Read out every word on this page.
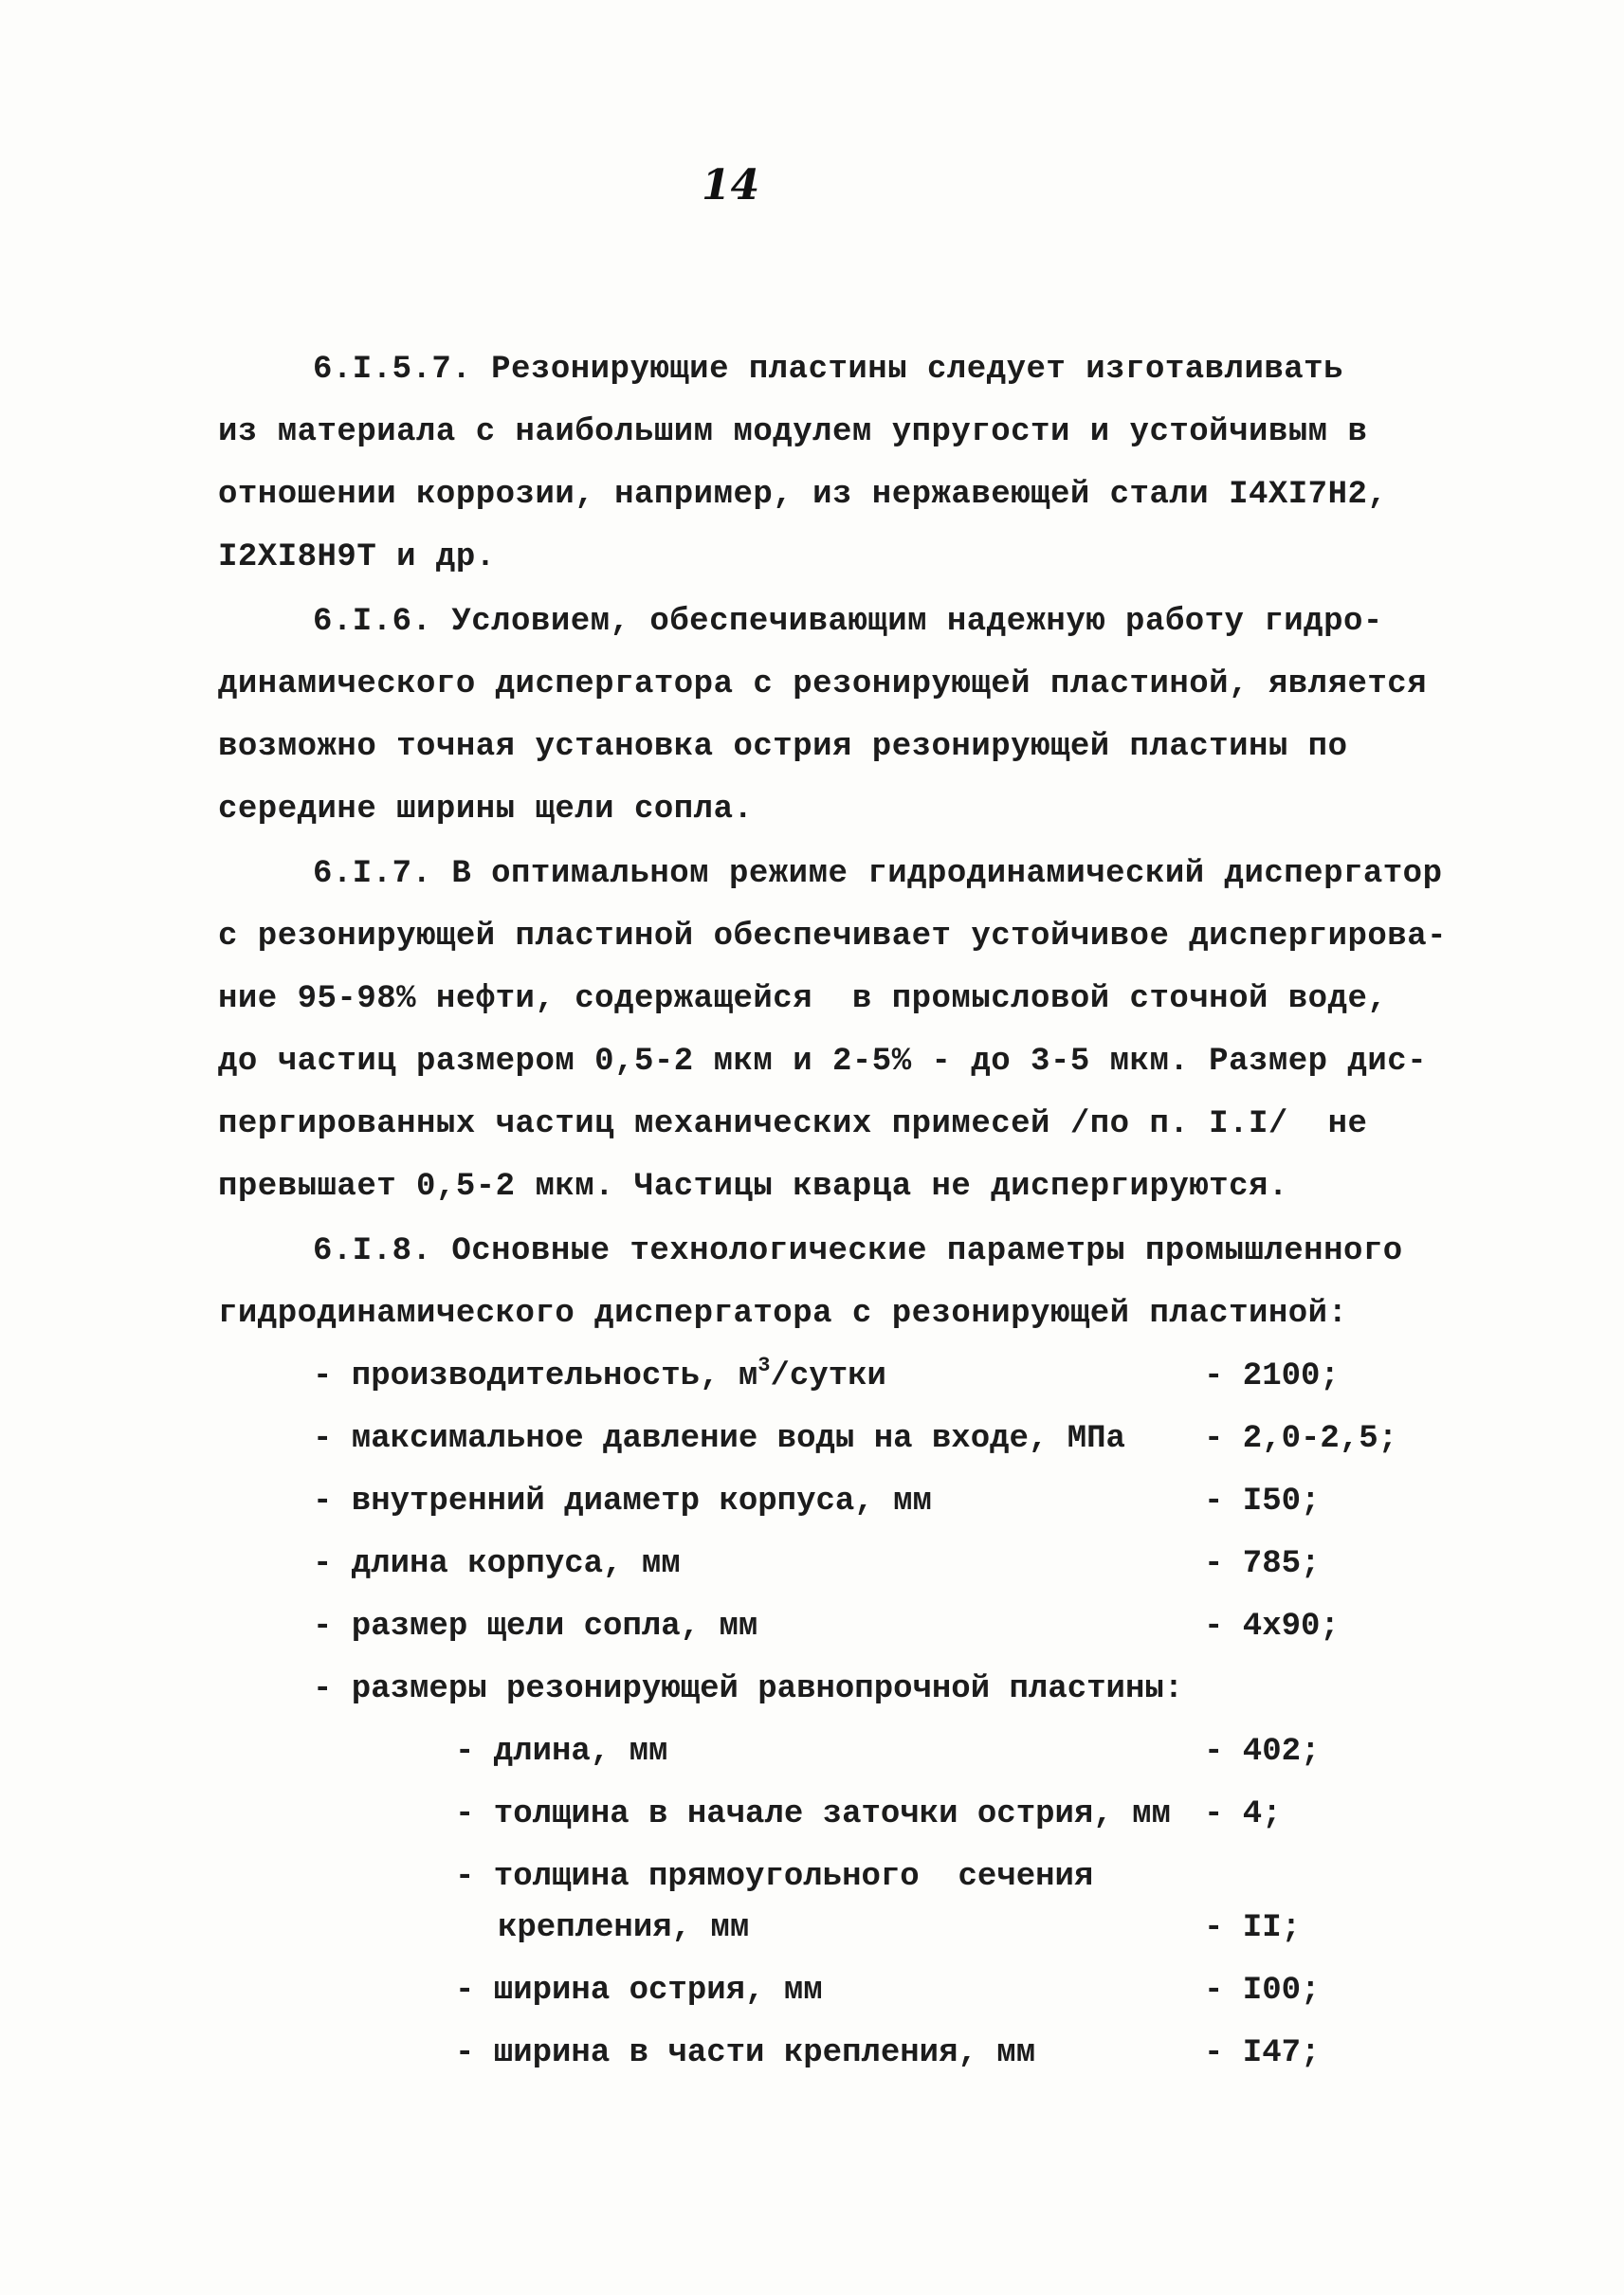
14
6.I.5.7. Резонирующие пластины следует изготавливать
из материала с наибольшим модулем упругости и устойчивым в
отношении коррозии, например, из нержавеющей стали I4XI7H2,
I2XI8H9T и др.
6.I.6. Условием, обеспечивающим надежную работу гидро-
динамического диспергатора с резонирующей пластиной, является
возможно точная установка острия резонирующей пластины по
середине ширины щели сопла.
6.I.7. В оптимальном режиме гидродинамический диспергатор
с резонирующей пластиной обеспечивает устойчивое диспергирова-
ние 95-98% нефти, содержащейся  в промысловой сточной воде,
до частиц размером 0,5-2 мкм и 2-5% - до 3-5 мкм. Размер дис-
пергированных частиц механических примесей /по п. I.I/  не
превышает 0,5-2 мкм. Частицы кварца не диспергируются.
6.I.8. Основные технологические параметры промышленного
гидродинамического диспергатора с резонирующей пластиной:
- производительность, $м^3$/сутки	- 2100;
- максимальное давление воды на входе, МПа - 2,0-2,5;
- внутренний диаметр корпуса, мм	- I50;
- длина корпуса, мм	- 785;
- размер щели сопла, мм	- 4x90;
- размеры резонирующей равнопрочной пластины:
- длина, мм	- 402;
- толщина в начале заточки острия, мм - 4;
- толщина прямоугольного  сечения
крепления, мм	- II;
- ширина острия, мм	- I00;
- ширина в части крепления, мм	- I47;
